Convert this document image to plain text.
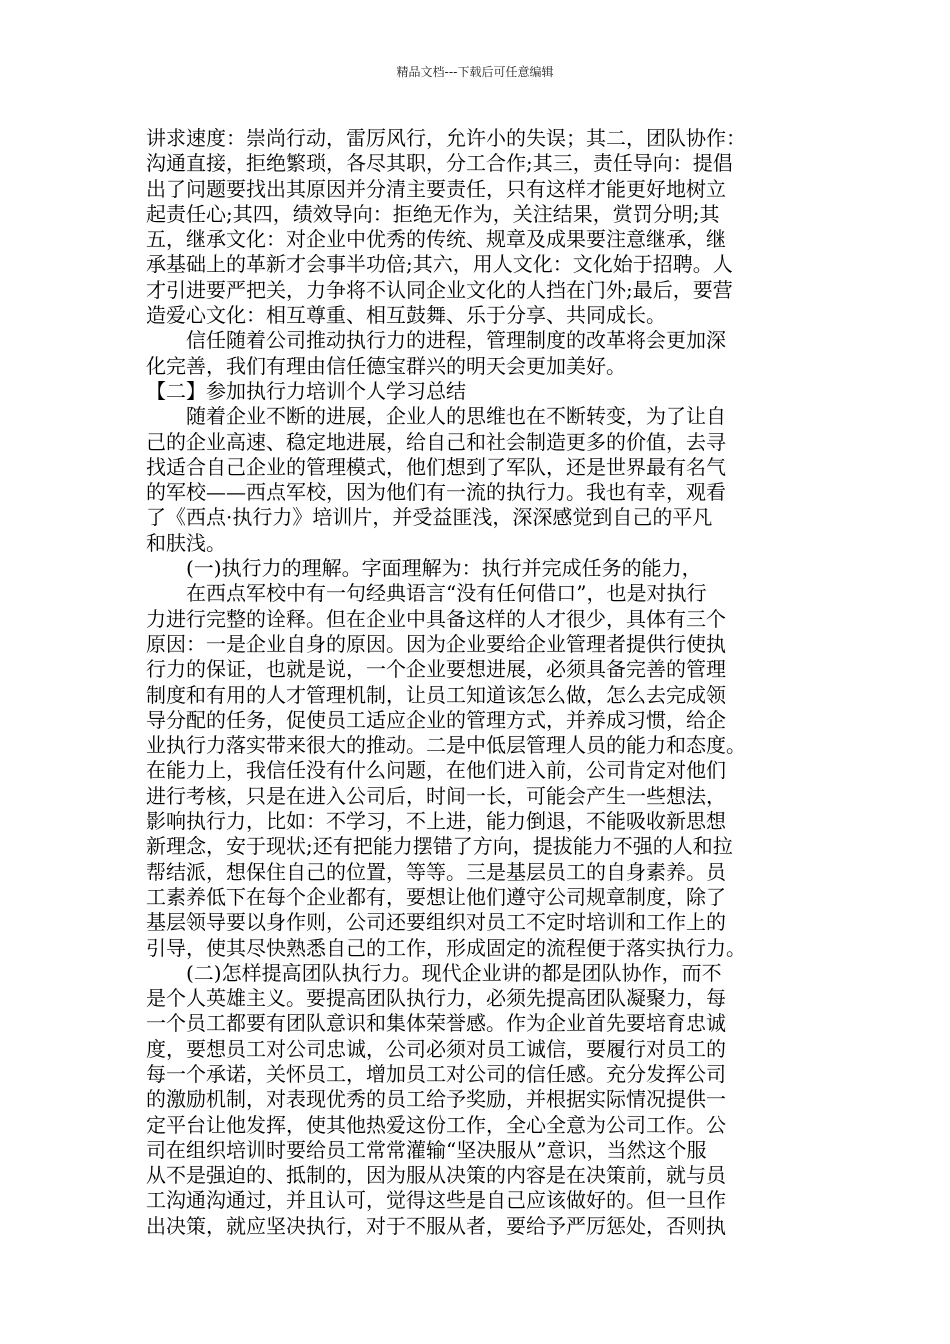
精品文档---下载后可任意编辑
讲求速度：崇尚行动，雷厉风行，允许小的失误；其二，团队协作：
沟通直接，拒绝繁琐，各尽其职，分工合作;其三，责任导向：提倡
出了问题要找出其原因并分清主要责任，只有这样才能更好地树立
起责任心;其四，绩效导向：拒绝无作为，关注结果，赏罚分明;其
五，继承文化：对企业中优秀的传统、规章及成果要注意继承，继
承基础上的革新才会事半功倍;其六，用人文化：文化始于招聘。人
才引进要严把关，力争将不认同企业文化的人挡在门外;最后，要营
造爱心文化：相互尊重、相互鼓舞、乐于分享、共同成长。
信任随着公司推动执行力的进程，管理制度的改革将会更加深
化完善，我们有理由信任德宝群兴的明天会更加美好。
【二】参加执行力培训个人学习总结
随着企业不断的进展，企业人的思维也在不断转变，为了让自
己的企业高速、稳定地进展，给自己和社会制造更多的价值，去寻
找适合自己企业的管理模式，他们想到了军队，还是世界最有名气
的军校——西点军校，因为他们有一流的执行力。我也有幸，观看
了《西点·执行力》培训片，并受益匪浅，深深感觉到自己的平凡
和肤浅。
(一)执行力的理解。字面理解为：执行并完成任务的能力，
在西点军校中有一句经典语言“没有任何借口”，也是对执行
力进行完整的诠释。但在企业中具备这样的人才很少，具体有三个
原因：一是企业自身的原因。因为企业要给企业管理者提供行使执
行力的保证，也就是说，一个企业要想进展，必须具备完善的管理
制度和有用的人才管理机制，让员工知道该怎么做，怎么去完成领
导分配的任务，促使员工适应企业的管理方式，并养成习惯，给企
业执行力落实带来很大的推动。二是中低层管理人员的能力和态度。
在能力上，我信任没有什么问题，在他们进入前，公司肯定对他们
进行考核，只是在进入公司后，时间一长，可能会产生一些想法，
影响执行力，比如：不学习，不上进，能力倒退，不能吸收新思想
新理念，安于现状;还有把能力摆错了方向，提拔能力不强的人和拉
帮结派，想保住自己的位置，等等。三是基层员工的自身素养。员
工素养低下在每个企业都有，要想让他们遵守公司规章制度，除了
基层领导要以身作则，公司还要组织对员工不定时培训和工作上的
引导，使其尽快熟悉自己的工作，形成固定的流程便于落实执行力。
(二)怎样提高团队执行力。现代企业讲的都是团队协作，而不
是个人英雄主义。要提高团队执行力，必须先提高团队凝聚力，每
一个员工都要有团队意识和集体荣誉感。作为企业首先要培育忠诚
度，要想员工对公司忠诚，公司必须对员工诚信，要履行对员工的
每一个承诺，关怀员工，增加员工对公司的信任感。充分发挥公司
的激励机制，对表现优秀的员工给予奖励，并根据实际情况提供一
定平台让他发挥，使其他热爱这份工作，全心全意为公司工作。公
司在组织培训时要给员工常常灌输“坚决服从”意识，当然这个服
从不是强迫的、抵制的，因为服从决策的内容是在决策前，就与员
工沟通沟通过，并且认可，觉得这些是自己应该做好的。但一旦作
出决策，就应坚决执行，对于不服从者，要给予严厉惩处，否则执
